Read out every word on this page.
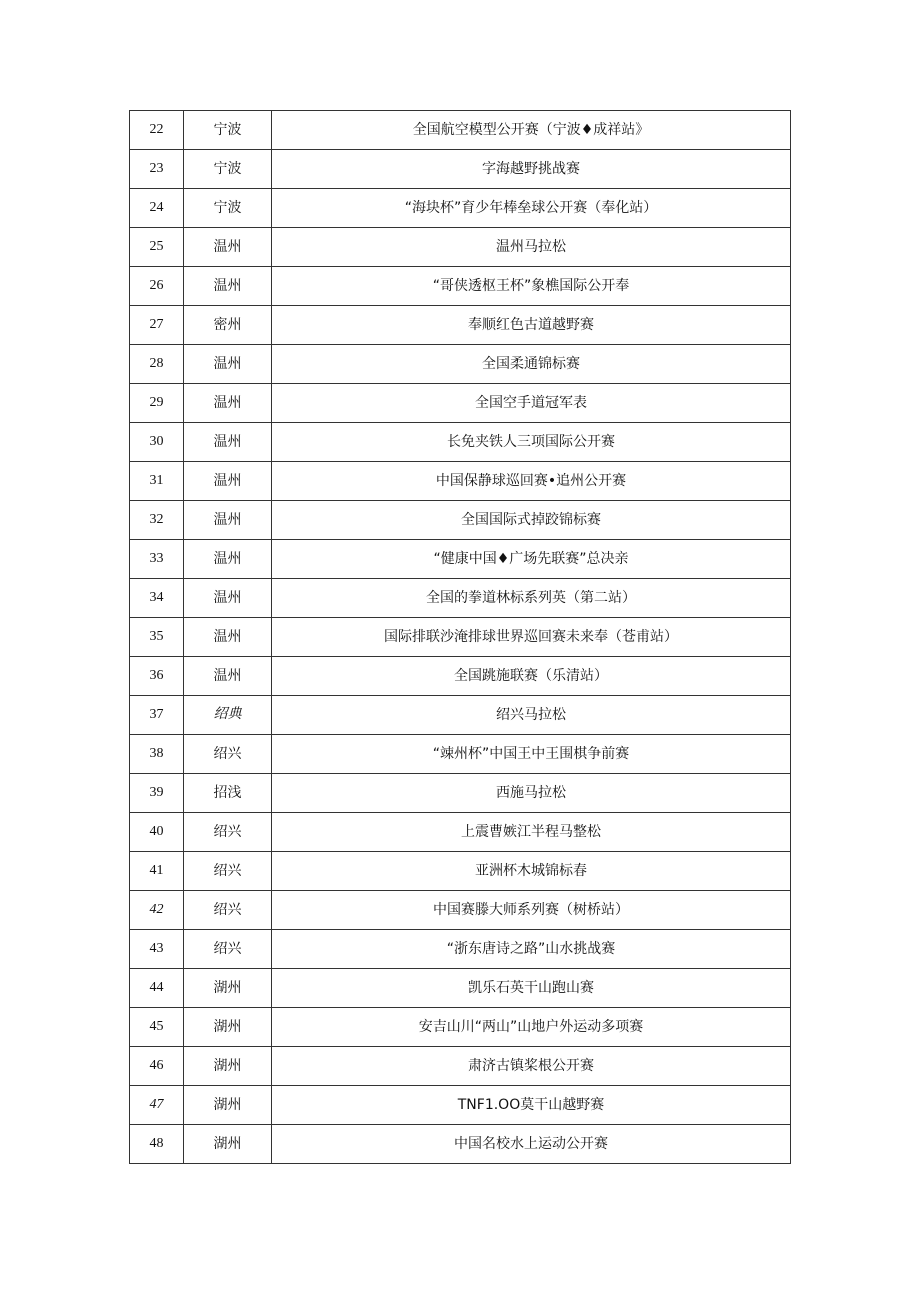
22	宁波	全国航空模型公开赛（宁波♦成祥站》
23	宁波	字海越野挑战赛
24	宁波	“海块杯”育少年棒垒球公开赛（奉化站）
25	温州	温州马拉松
26	温州	“哥侠透枢王杯”象樵国际公开奉
27	密州	奉顺红色古道越野赛
28	温州	全国柔通锦标赛
29	温州	全国空手道冠军表
30	温州	长免夹铁人三项国际公开赛
31	温州	中国保静球巡回赛•追州公开赛
32	温州	全国国际式掉跤锦标赛
33	温州	“健康中国♦广场先联赛”总决亲
34	温州	全国的拳道林标系列英（第二站）
35	温州	国际排联沙淹排球世界巡回赛未来奉（苍甫站）
36	温州	全国跳施联赛（乐清站）
37	绍典	绍兴马拉松
38	绍兴	“竦州杯”中国王中王围棋争前赛
39	招浅	西施马拉松
40	绍兴	上震曹嫉江半程马整松
41	绍兴	亚洲杯木城锦标春
42	绍兴	中国赛滕大师系列赛（树桥站）
43	绍兴	“浙东唐诗之路”山水挑战赛
44	湖州	凯乐石英干山跑山赛
45	湖州	安吉山川“两山”山地户外运动多项赛
46	湖州	肃济古镇桨根公开赛
47	湖州	TNF1.OO莫干山越野赛
48	湖州	中国名校水上运动公开赛
